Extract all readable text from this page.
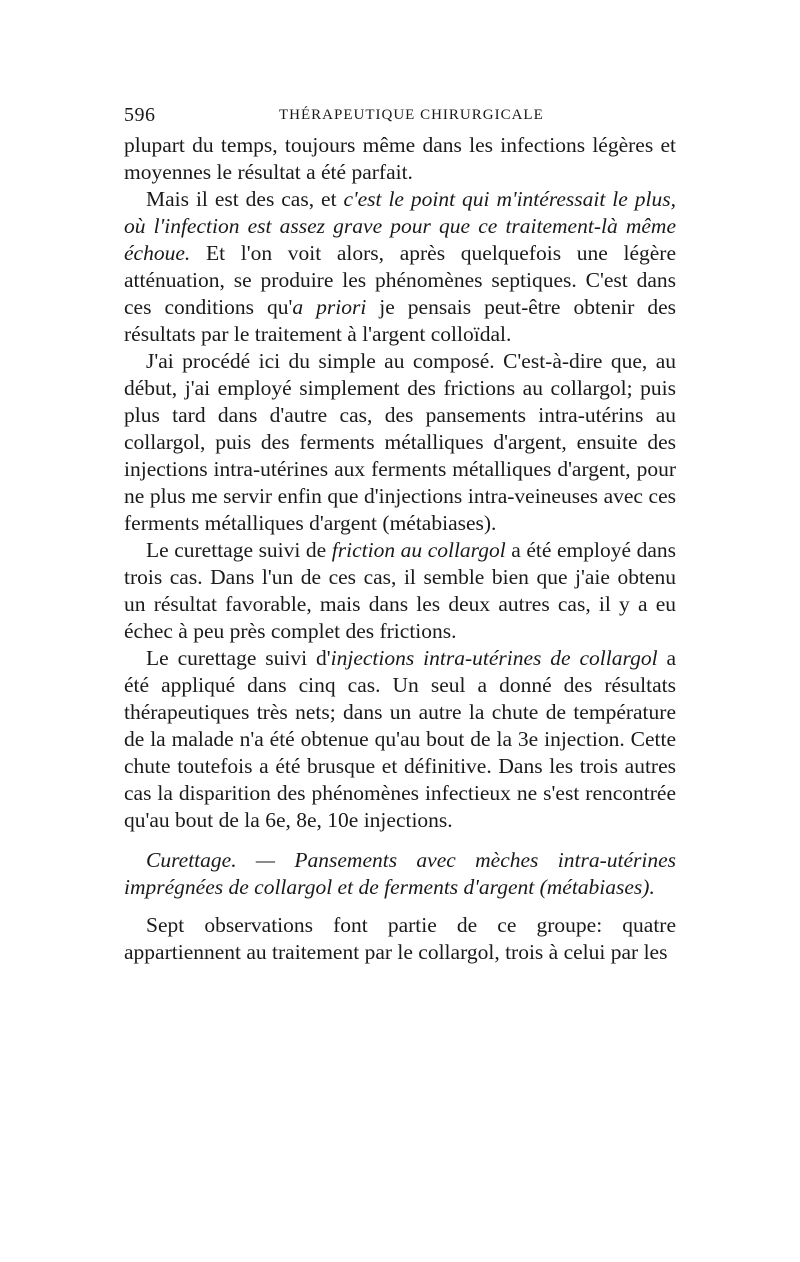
596	THÉRAPEUTIQUE CHIRURGICALE

plupart du temps, toujours même dans les infections légères et moyennes le résultat a été parfait.

Mais il est des cas, et c'est le point qui m'intéressait le plus, où l'infection est assez grave pour que ce traitement-là même échoue. Et l'on voit alors, après quelquefois une légère atténuation, se produire les phénomènes septiques. C'est dans ces conditions qu'a priori je pensais peut-être obtenir des résultats par le traitement à l'argent colloïdal.

J'ai procédé ici du simple au composé. C'est-à-dire que, au début, j'ai employé simplement des frictions au collargol; puis plus tard dans d'autre cas, des pansements intra-utérins au collargol, puis des ferments métalliques d'argent, ensuite des injections intra-utérines aux ferments métalliques d'argent, pour ne plus me servir enfin que d'injections intra-veineuses avec ces ferments métalliques d'argent (métabiases).

Le curettage suivi de friction au collargol a été employé dans trois cas. Dans l'un de ces cas, il semble bien que j'aie obtenu un résultat favorable, mais dans les deux autres cas, il y a eu échec à peu près complet des frictions.

Le curettage suivi d'injections intra-utérines de collargol a été appliqué dans cinq cas. Un seul a donné des résultats thérapeutiques très nets; dans un autre la chute de température de la malade n'a été obtenue qu'au bout de la 3e injection. Cette chute toutefois a été brusque et définitive. Dans les trois autres cas la disparition des phénomènes infectieux ne s'est rencontrée qu'au bout de la 6e, 8e, 10e injections.

Curettage. — Pansements avec mèches intra-utérines imprégnées de collargol et de ferments d'argent (métabiases).

Sept observations font partie de ce groupe: quatre appartiennent au traitement par le collargol, trois à celui par les
